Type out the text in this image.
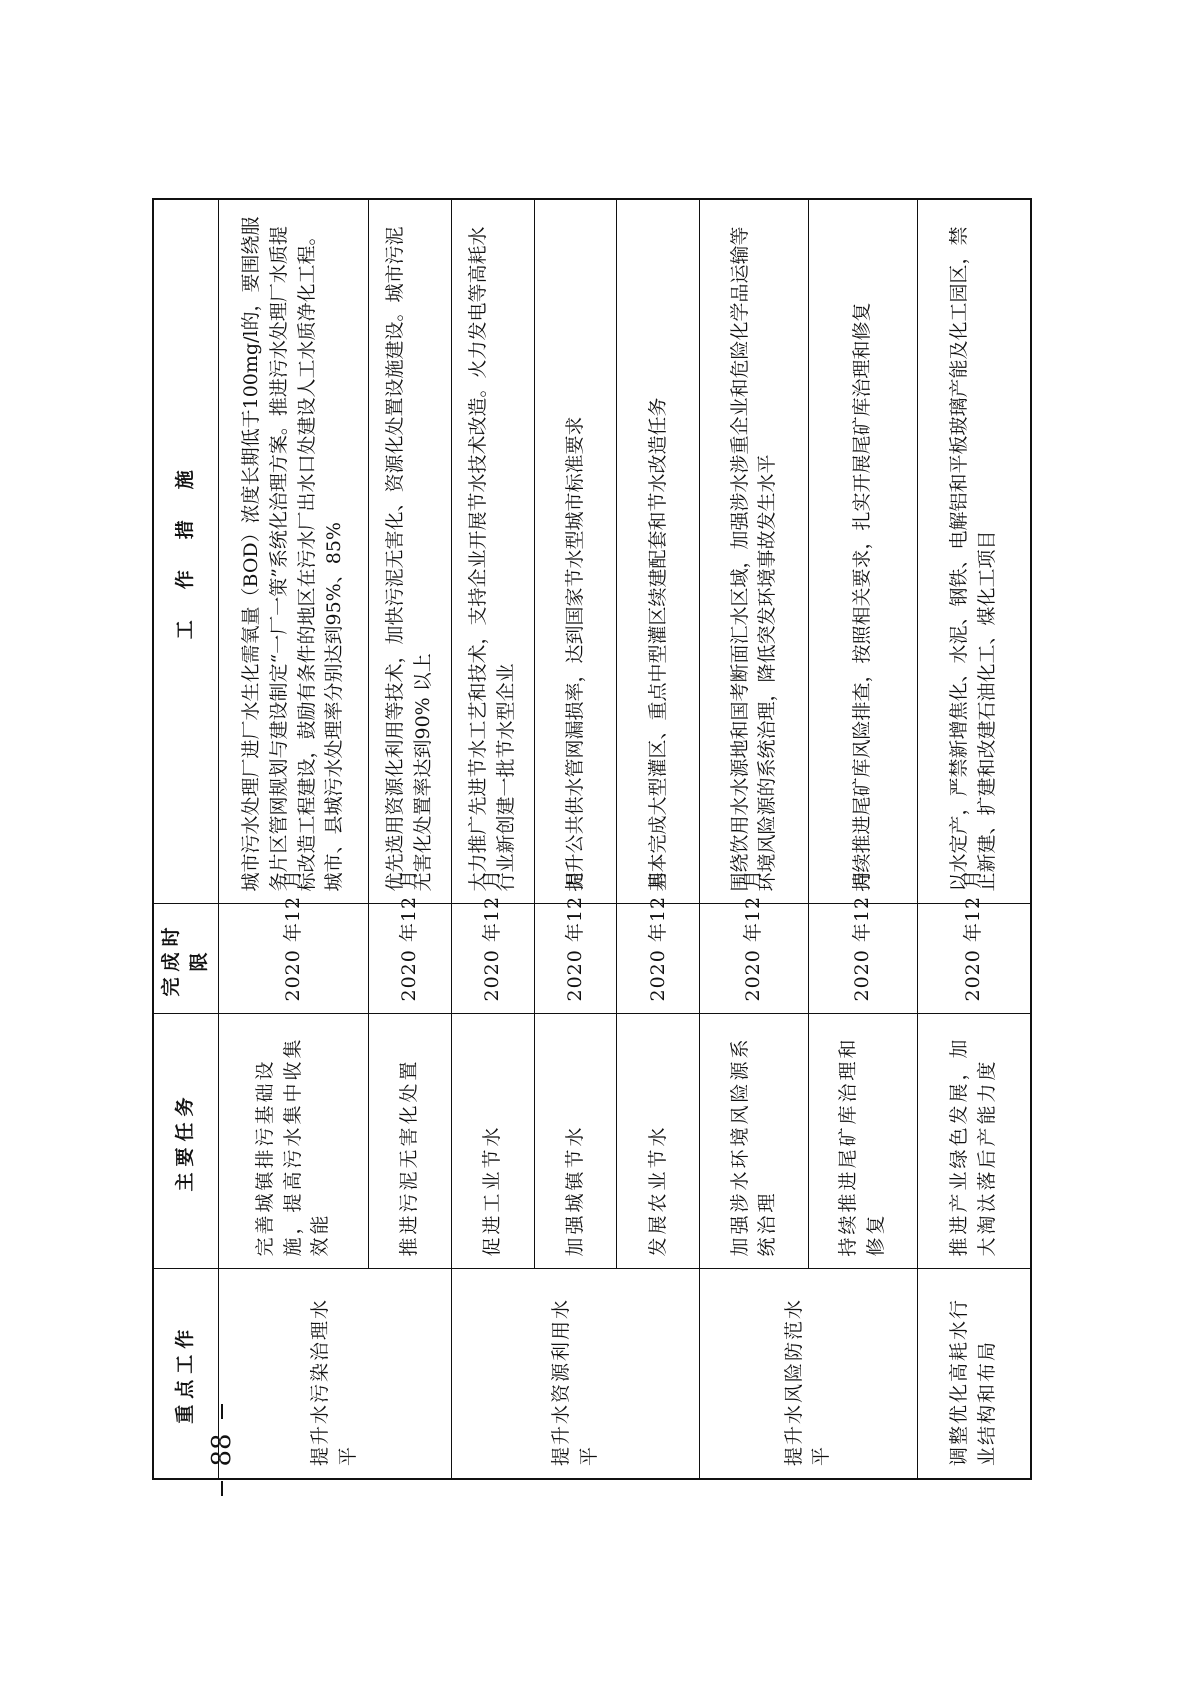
重点工作	主要任务	完成时限	工　作　措　施
提升水污染治理水平	完善城镇排污基础设施，提高污水集中收集效能	2020 年12 月	城市污水处理厂进厂水生化需氧量（BOD）浓度长期低于100mg/l的，要围绕服务片区管网规划与建设制定“一厂一策”系统化治理方案。推进污水处理厂水质提标改造工程建设，鼓励有条件的地区在污水厂出水口处建设人工水质净化工程。城市、县城污水处理率分别达到95%、85%
	推进污泥无害化处置	2020 年12 月	优先选用资源化利用等技术，加快污泥无害化、资源化处置设施建设。城市污泥无害化处置率达到90% 以上
提升水资源利用水平	促进工业节水	2020 年12 月	大力推广先进节水工艺和技术，支持企业开展节水技术改造。火力发电等高耗水行业新创建一批节水型企业
	加强城镇节水	2020 年12 月	提升公共供水管网漏损率，达到国家节水型城市标准要求
	发展农业节水	2020 年12 月	基本完成大型灌区、重点中型灌区续建配套和节水改造任务
提升水风险防范水平	加强涉水环境风险源系统治理	2020 年12 月	围绕饮用水水源地和国考断面汇水区域，加强涉水涉重企业和危险化学品运输等环境风险源的系统治理，降低突发环境事故发生水平
	持续推进尾矿库治理和修复	2020 年12 月	持续推进尾矿库风险排查，按照相关要求，扎实开展尾矿库治理和修复
调整优化高耗水行业结构和布局	推进产业绿色发展，加大淘汰落后产能力度	2020 年12 月	以水定产，严禁新增焦化、水泥、钢铁、电解铝和平板玻璃产能及化工园区，禁止新建、扩建和改建石油化工、煤化工项目
88
